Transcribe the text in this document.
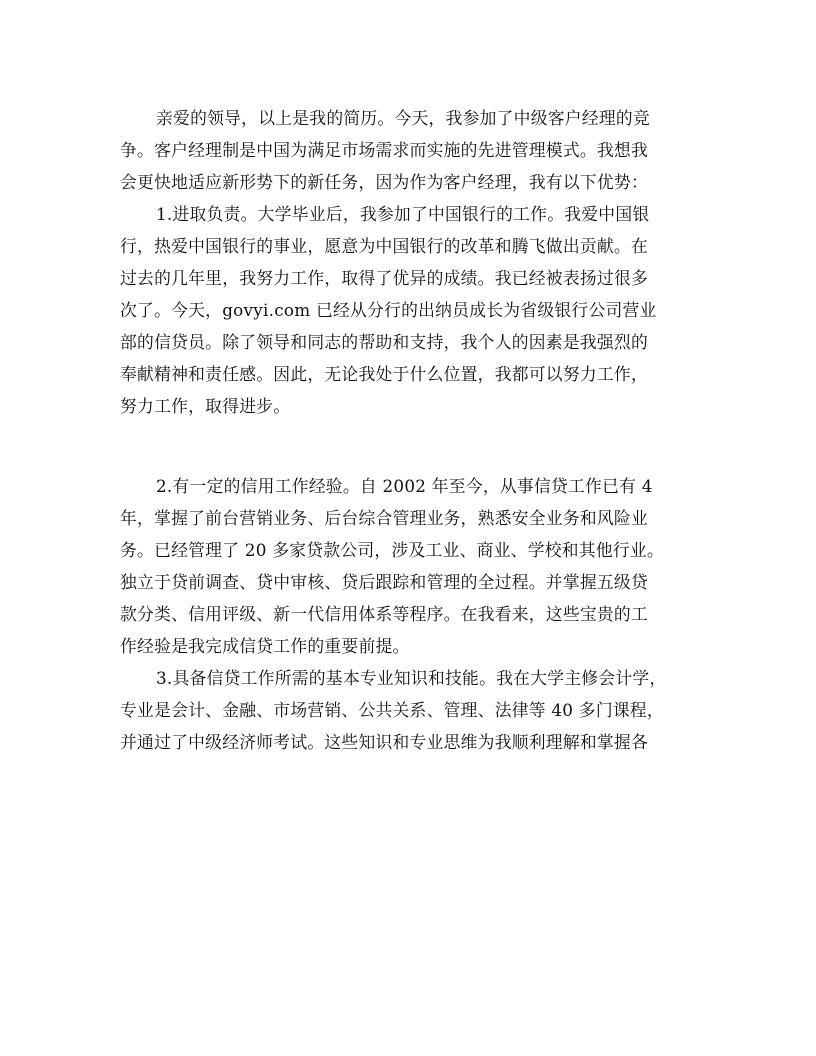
亲爱的领导，以上是我的简历。今天，我参加了中级客户经理的竞
争。客户经理制是中国为满足市场需求而实施的先进管理模式。我想我
会更快地适应新形势下的新任务，因为作为客户经理，我有以下优势：
1.进取负责。大学毕业后，我参加了中国银行的工作。我爱中国银
行，热爱中国银行的事业，愿意为中国银行的改革和腾飞做出贡献。在
过去的几年里，我努力工作，取得了优异的成绩。我已经被表扬过很多
次了。今天，govyi.com 已经从分行的出纳员成长为省级银行公司营业
部的信贷员。除了领导和同志的帮助和支持，我个人的因素是我强烈的
奉献精神和责任感。因此，无论我处于什么位置，我都可以努力工作，
努力工作，取得进步。
2.有一定的信用工作经验。自 2002 年至今，从事信贷工作已有 4
年，掌握了前台营销业务、后台综合管理业务，熟悉安全业务和风险业
务。已经管理了 20 多家贷款公司，涉及工业、商业、学校和其他行业。
独立于贷前调查、贷中审核、贷后跟踪和管理的全过程。并掌握五级贷
款分类、信用评级、新一代信用体系等程序。在我看来，这些宝贵的工
作经验是我完成信贷工作的重要前提。
3.具备信贷工作所需的基本专业知识和技能。我在大学主修会计学，
专业是会计、金融、市场营销、公共关系、管理、法律等 40 多门课程，
并通过了中级经济师考试。这些知识和专业思维为我顺利理解和掌握各
